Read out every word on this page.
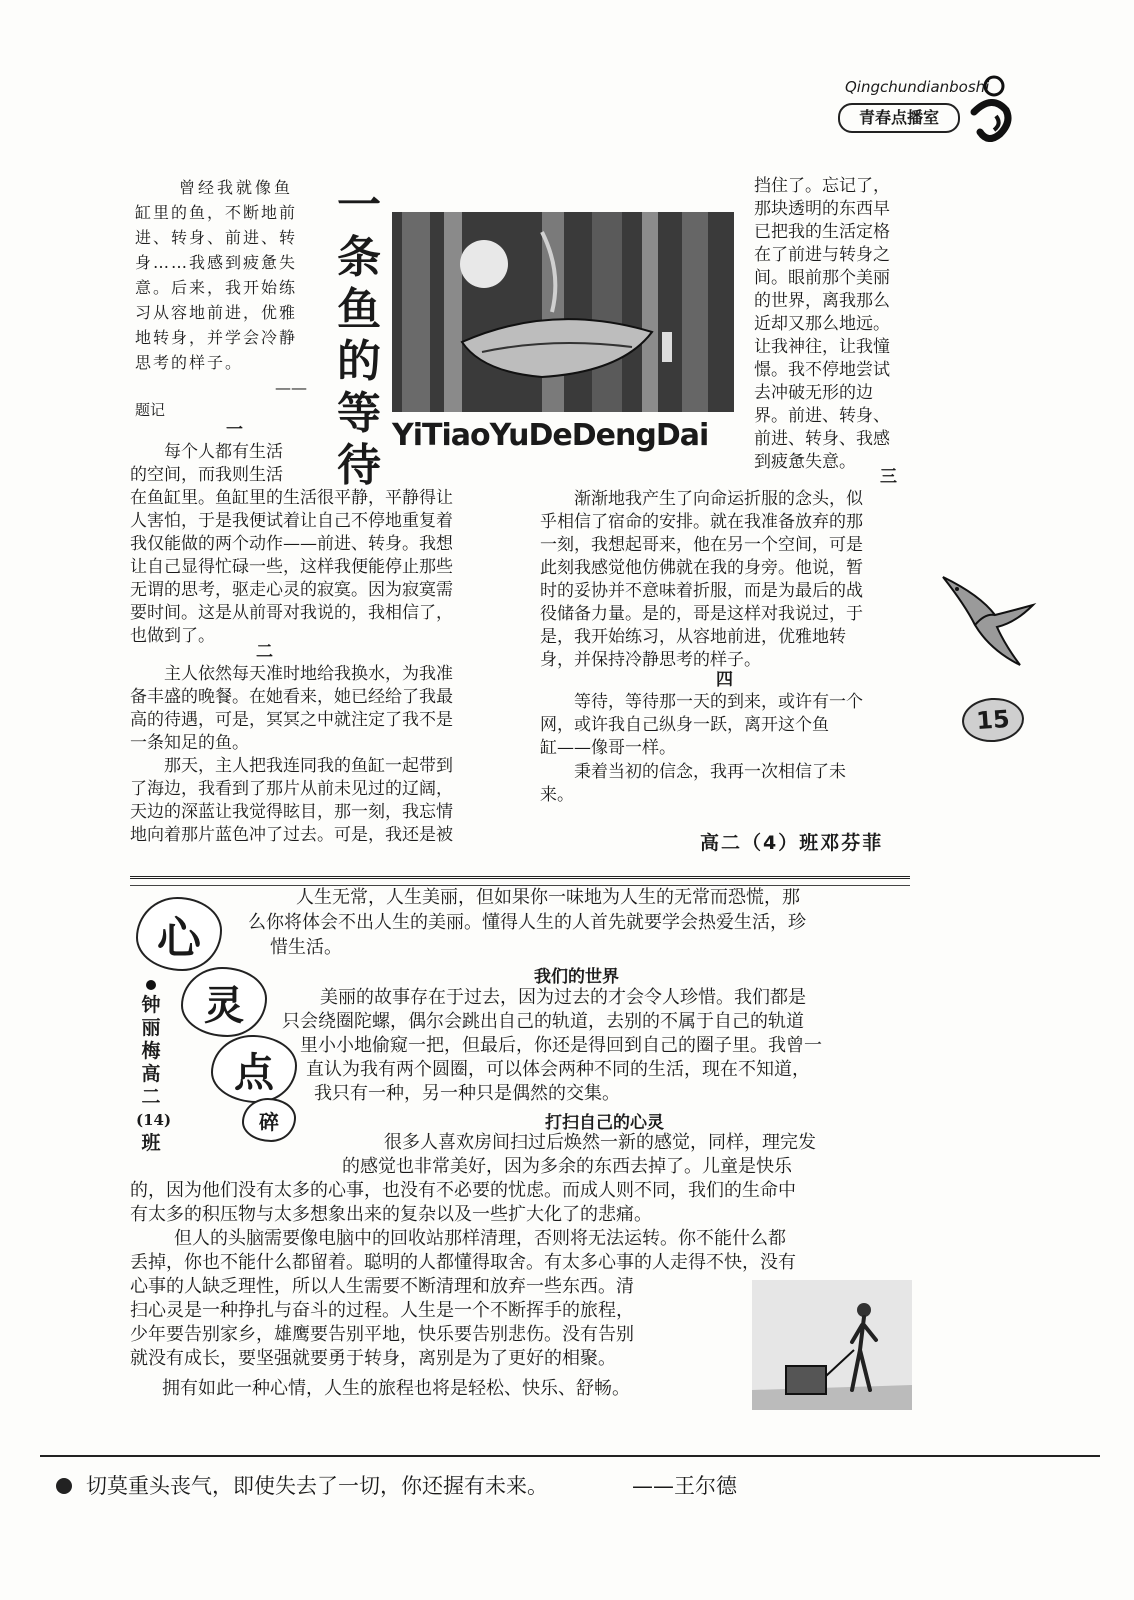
Qingchundianboshi
青春点播室
曾经我就像鱼
缸里的鱼，不断地前
进、转身、前进、转
身……我感到疲惫失
意。后来，我开始练
习从容地前进，优雅
地转身，并学会冷静
思考的样子。
——
题记
一
条
鱼
的
等
待
YiTiaoYuDeDengDai
挡住了。忘记了，
那块透明的东西早
已把我的生活定格
在了前进与转身之
间。眼前那个美丽
的世界，离我那么
近却又那么地远。
让我神往，让我憧
憬。我不停地尝试
去冲破无形的边
界。前进、转身、
前进、转身、我感
到疲惫失意。
一
每个人都有生活
的空间，而我则生活
在鱼缸里。鱼缸里的生活很平静，平静得让
人害怕，于是我便试着让自己不停地重复着
我仅能做的两个动作——前进、转身。我想
让自己显得忙碌一些，这样我便能停止那些
无谓的思考，驱走心灵的寂寞。因为寂寞需
要时间。这是从前哥对我说的，我相信了，
也做到了。
二
主人依然每天准时地给我换水，为我准
备丰盛的晚餐。在她看来，她已经给了我最
高的待遇，可是，冥冥之中就注定了我不是
一条知足的鱼。
那天，主人把我连同我的鱼缸一起带到
了海边，我看到了那片从前未见过的辽阔，
天边的深蓝让我觉得眩目，那一刻，我忘情
地向着那片蓝色冲了过去。可是，我还是被
三
渐渐地我产生了向命运折服的念头，似
乎相信了宿命的安排。就在我准备放弃的那
一刻，我想起哥来，他在另一个空间，可是
此刻我感觉他仿佛就在我的身旁。他说，暂
时的妥协并不意味着折服，而是为最后的战
役储备力量。是的，哥是这样对我说过，于
是，我开始练习，从容地前进，优雅地转
身，并保持冷静思考的样子。
四
等待，等待那一天的到来，或许有一个
网，或许我自己纵身一跃，离开这个鱼
缸——像哥一样。
秉着当初的信念，我再一次相信了未
来。
高二（4）班邓芬菲
15
心
灵
点
碎
钟
丽
梅
高
二
(14)
班
人生无常，人生美丽，但如果你一味地为人生的无常而恐慌，那
么你将体会不出人生的美丽。懂得人生的人首先就要学会热爱生活，珍
惜生活。
我们的世界
美丽的故事存在于过去，因为过去的才会令人珍惜。我们都是
只会绕圈陀螺，偶尔会跳出自己的轨道，去别的不属于自己的轨道
里小小地偷窥一把，但最后，你还是得回到自己的圈子里。我曾一
直认为我有两个圆圈，可以体会两种不同的生活，现在不知道，
我只有一种，另一种只是偶然的交集。
打扫自己的心灵
很多人喜欢房间扫过后焕然一新的感觉，同样，理完发
的感觉也非常美好，因为多余的东西去掉了。儿童是快乐
的，因为他们没有太多的心事，也没有不必要的忧虑。而成人则不同，我们的生命中
有太多的积压物与太多想象出来的复杂以及一些扩大化了的悲痛。
但人的头脑需要像电脑中的回收站那样清理，否则将无法运转。你不能什么都
丢掉，你也不能什么都留着。聪明的人都懂得取舍。有太多心事的人走得不快，没有
心事的人缺乏理性，所以人生需要不断清理和放弃一些东西。清
扫心灵是一种挣扎与奋斗的过程。人生是一个不断挥手的旅程，
少年要告别家乡，雄鹰要告别平地，快乐要告别悲伤。没有告别
就没有成长，要坚强就要勇于转身，离别是为了更好的相聚。
拥有如此一种心情，人生的旅程也将是轻松、快乐、舒畅。
切莫重头丧气，即使失去了一切，你还握有未来。	——王尔德
